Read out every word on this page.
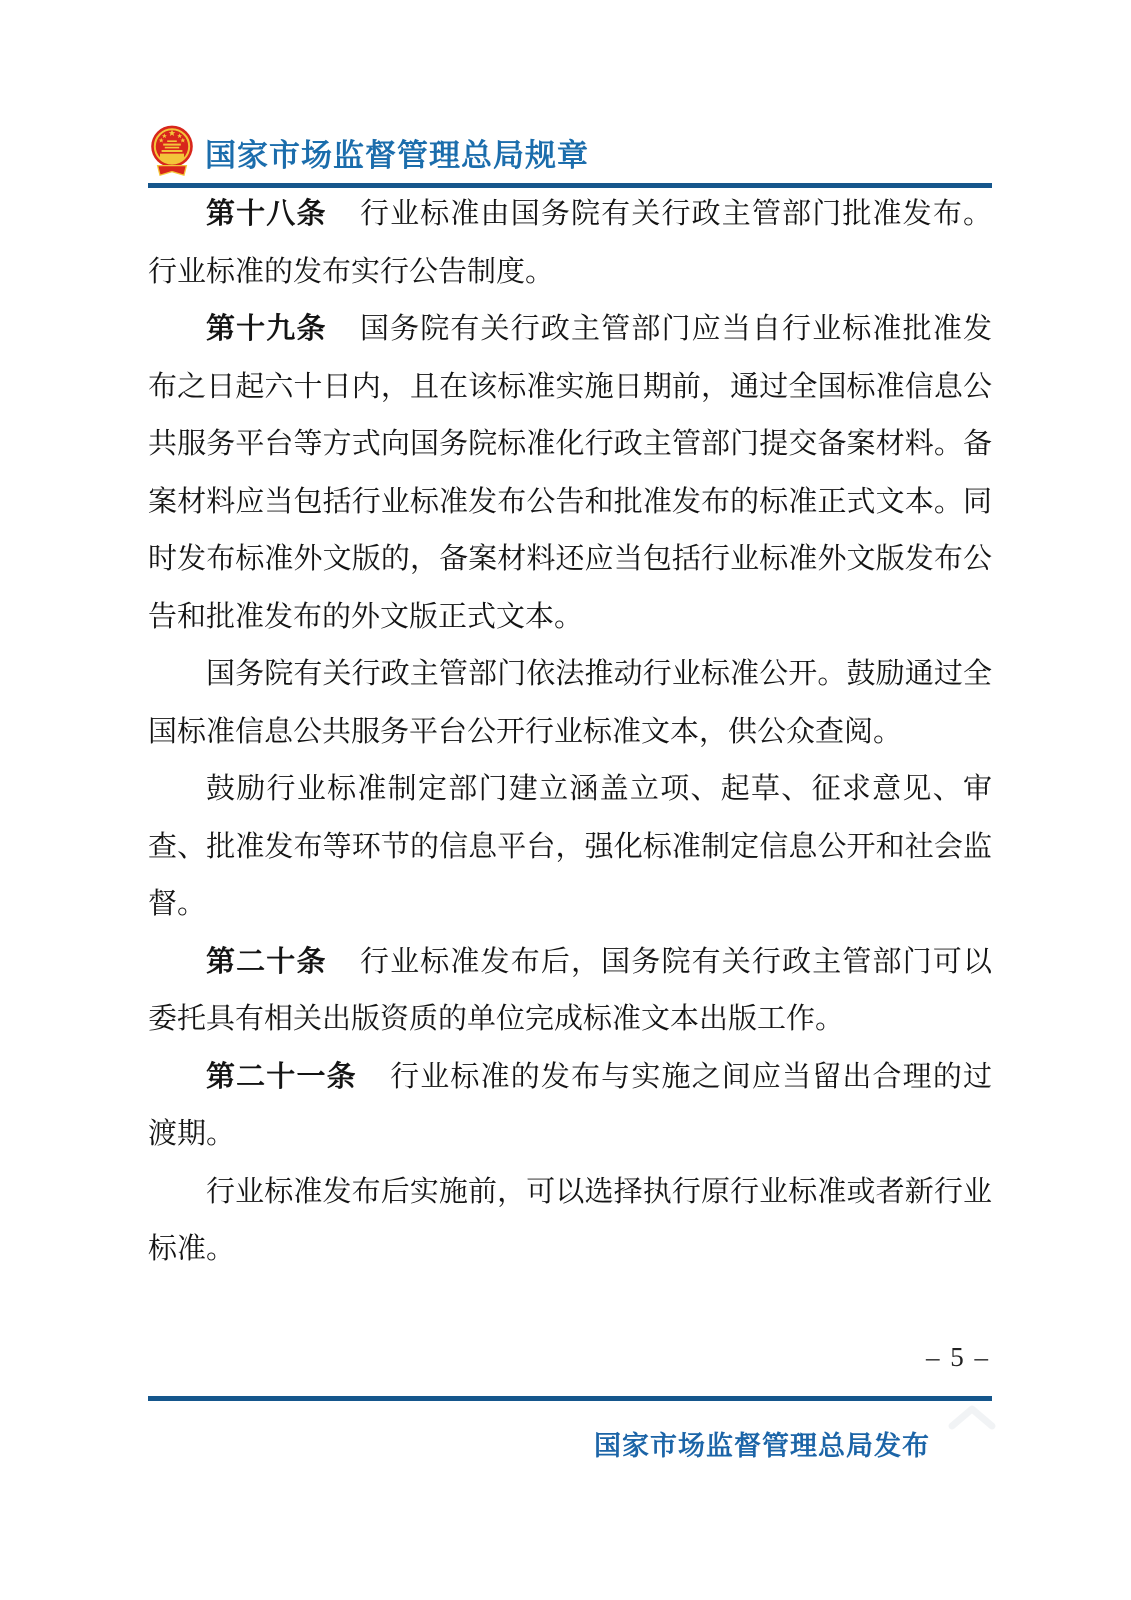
国家市场监督管理总局规章

第十八条 行业标准由国务院有关行政主管部门批准发布。行业标准的发布实行公告制度。

第十九条 国务院有关行政主管部门应当自行业标准批准发布之日起六十日内，且在该标准实施日期前，通过全国标准信息公共服务平台等方式向国务院标准化行政主管部门提交备案材料。备案材料应当包括行业标准发布公告和批准发布的标准正式文本。同时发布标准外文版的，备案材料还应当包括行业标准外文版发布公告和批准发布的外文版正式文本。

国务院有关行政主管部门依法推动行业标准公开。鼓励通过全国标准信息公共服务平台公开行业标准文本，供公众查阅。

鼓励行业标准制定部门建立涵盖立项、起草、征求意见、审查、批准发布等环节的信息平台，强化标准制定信息公开和社会监督。

第二十条 行业标准发布后，国务院有关行政主管部门可以委托具有相关出版资质的单位完成标准文本出版工作。

第二十一条 行业标准的发布与实施之间应当留出合理的过渡期。

行业标准发布后实施前，可以选择执行原行业标准或者新行业标准。

– 5 –
国家市场监督管理总局发布
